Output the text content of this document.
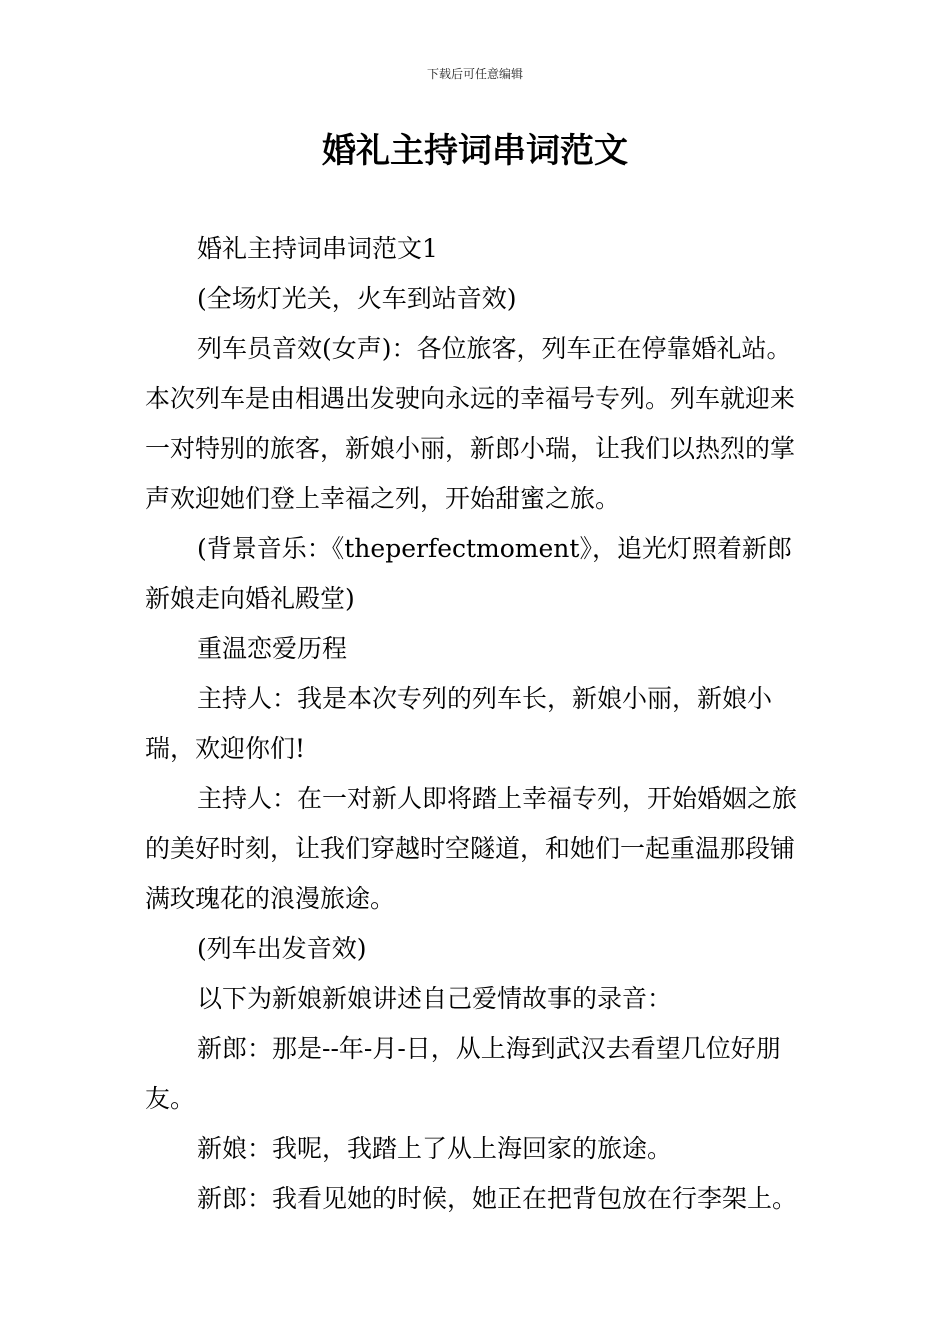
下载后可任意编辑
婚礼主持词串词范文

婚礼主持词串词范文1

(全场灯光关，火车到站音效)

列车员音效(女声)：各位旅客，列车正在停靠婚礼站。本次列车是由相遇出发驶向永远的幸福号专列。列车就迎来一对特别的旅客，新娘小丽，新郎小瑞，让我们以热烈的掌声欢迎她们登上幸福之列，开始甜蜜之旅。

(背景音乐：《theperfectmoment》，追光灯照着新郎新娘走向婚礼殿堂)

重温恋爱历程

主持人：我是本次专列的列车长，新娘小丽，新娘小瑞，欢迎你们!

主持人：在一对新人即将踏上幸福专列，开始婚姻之旅的美好时刻，让我们穿越时空隧道，和她们一起重温那段铺满玫瑰花的浪漫旅途。

(列车出发音效)

以下为新娘新娘讲述自己爱情故事的录音：

新郎：那是--年-月-日，从上海到武汉去看望几位好朋友。

新娘：我呢，我踏上了从上海回家的旅途。

新郎：我看见她的时候，她正在把背包放在行李架上。
